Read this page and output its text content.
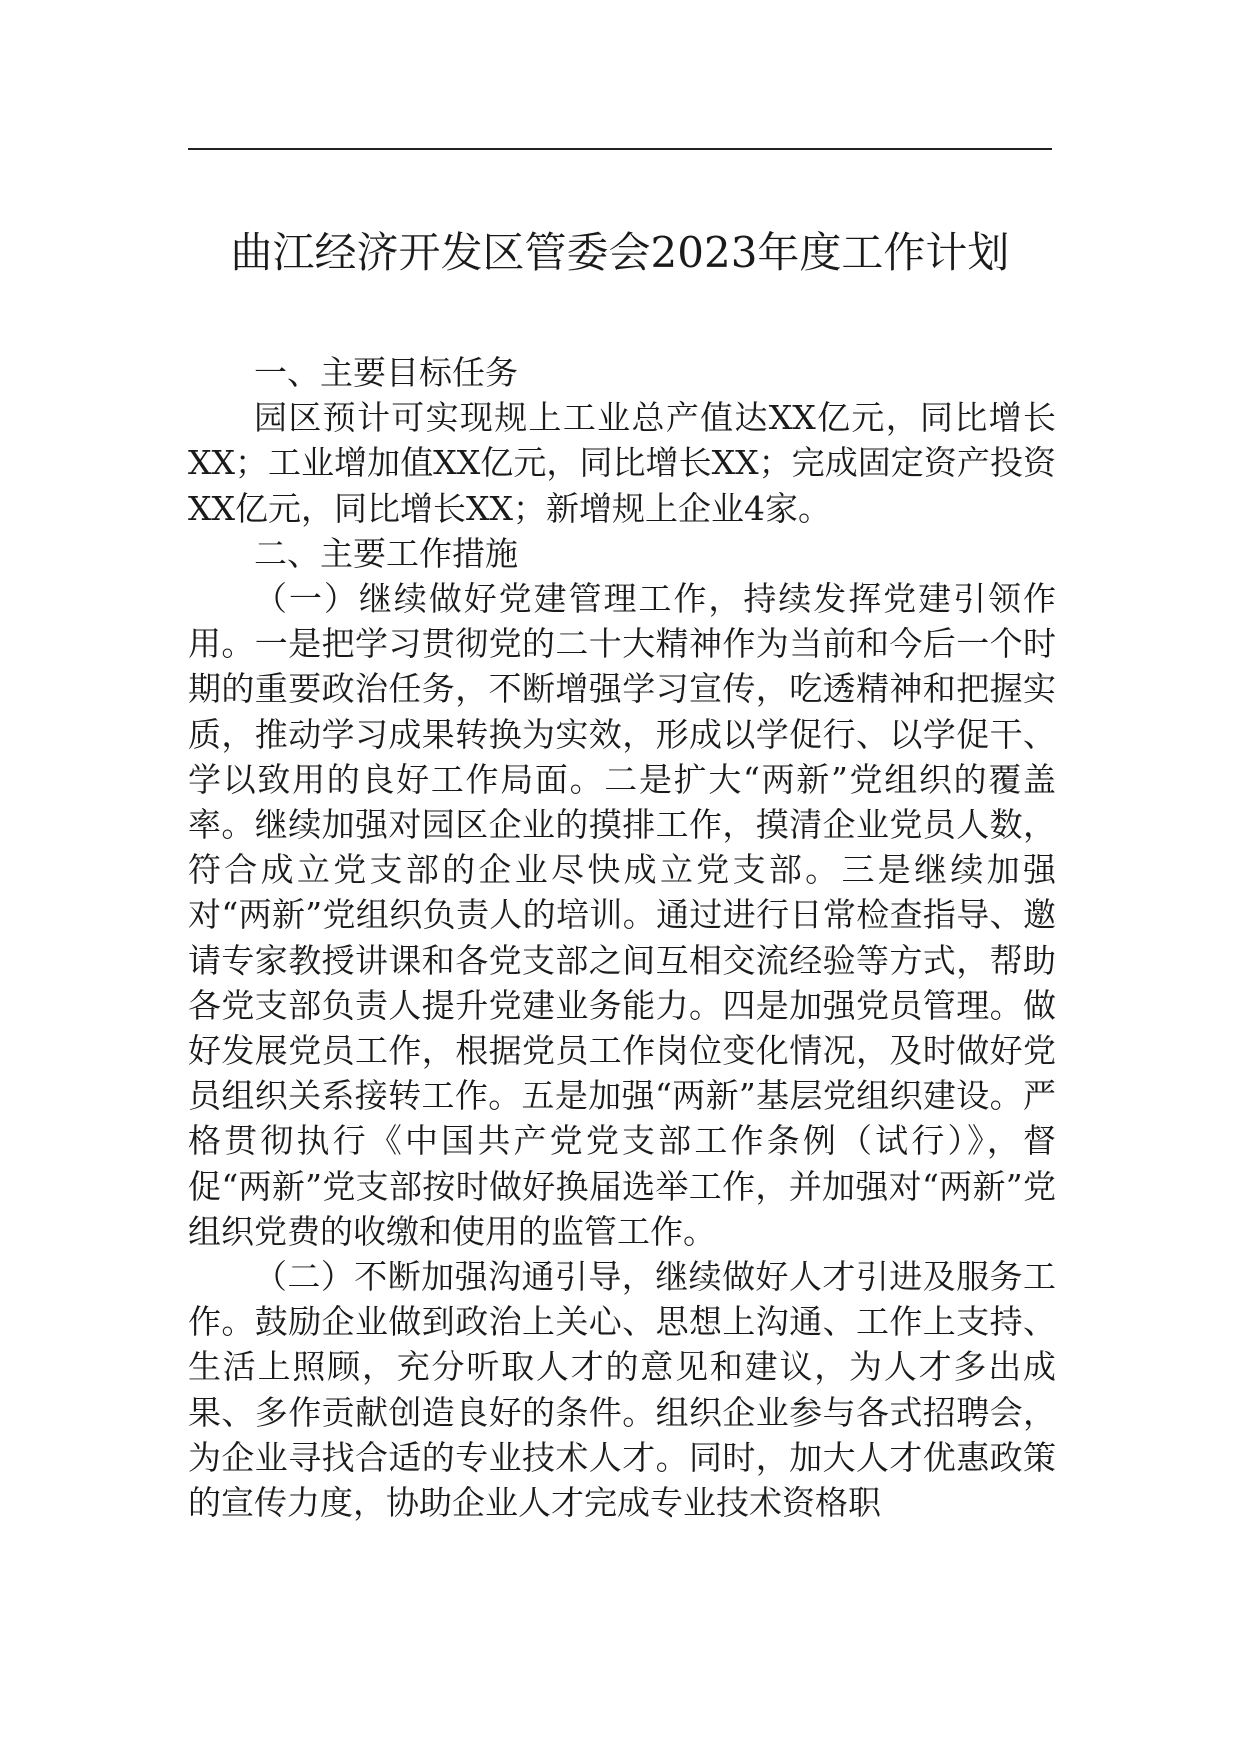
曲江经济开发区管委会2023年度工作计划

一、主要目标任务

园区预计可实现规上工业总产值达XX亿元，同比增长XX；工业增加值XX亿元，同比增长XX；完成固定资产投资XX亿元，同比增长XX；新增规上企业4家。

二、主要工作措施

（一）继续做好党建管理工作，持续发挥党建引领作用。一是把学习贯彻党的二十大精神作为当前和今后一个时期的重要政治任务，不断增强学习宣传，吃透精神和把握实质，推动学习成果转换为实效，形成以学促行、以学促干、学以致用的良好工作局面。二是扩大“两新”党组织的覆盖率。继续加强对园区企业的摸排工作，摸清企业党员人数，符合成立党支部的企业尽快成立党支部。三是继续加强对“两新”党组织负责人的培训。通过进行日常检查指导、邀请专家教授讲课和各党支部之间互相交流经验等方式，帮助各党支部负责人提升党建业务能力。四是加强党员管理。做好发展党员工作，根据党员工作岗位变化情况，及时做好党员组织关系接转工作。五是加强“两新”基层党组织建设。严格贯彻执行《中国共产党党支部工作条例（试行）》，督促“两新”党支部按时做好换届选举工作，并加强对“两新”党组织党费的收缴和使用的监管工作。

（二）不断加强沟通引导，继续做好人才引进及服务工作。鼓励企业做到政治上关心、思想上沟通、工作上支持、生活上照顾，充分听取人才的意见和建议，为人才多出成果、多作贡献创造良好的条件。组织企业参与各式招聘会，为企业寻找合适的专业技术人才。同时，加大人才优惠政策的宣传力度，协助企业人才完成专业技术资格职
